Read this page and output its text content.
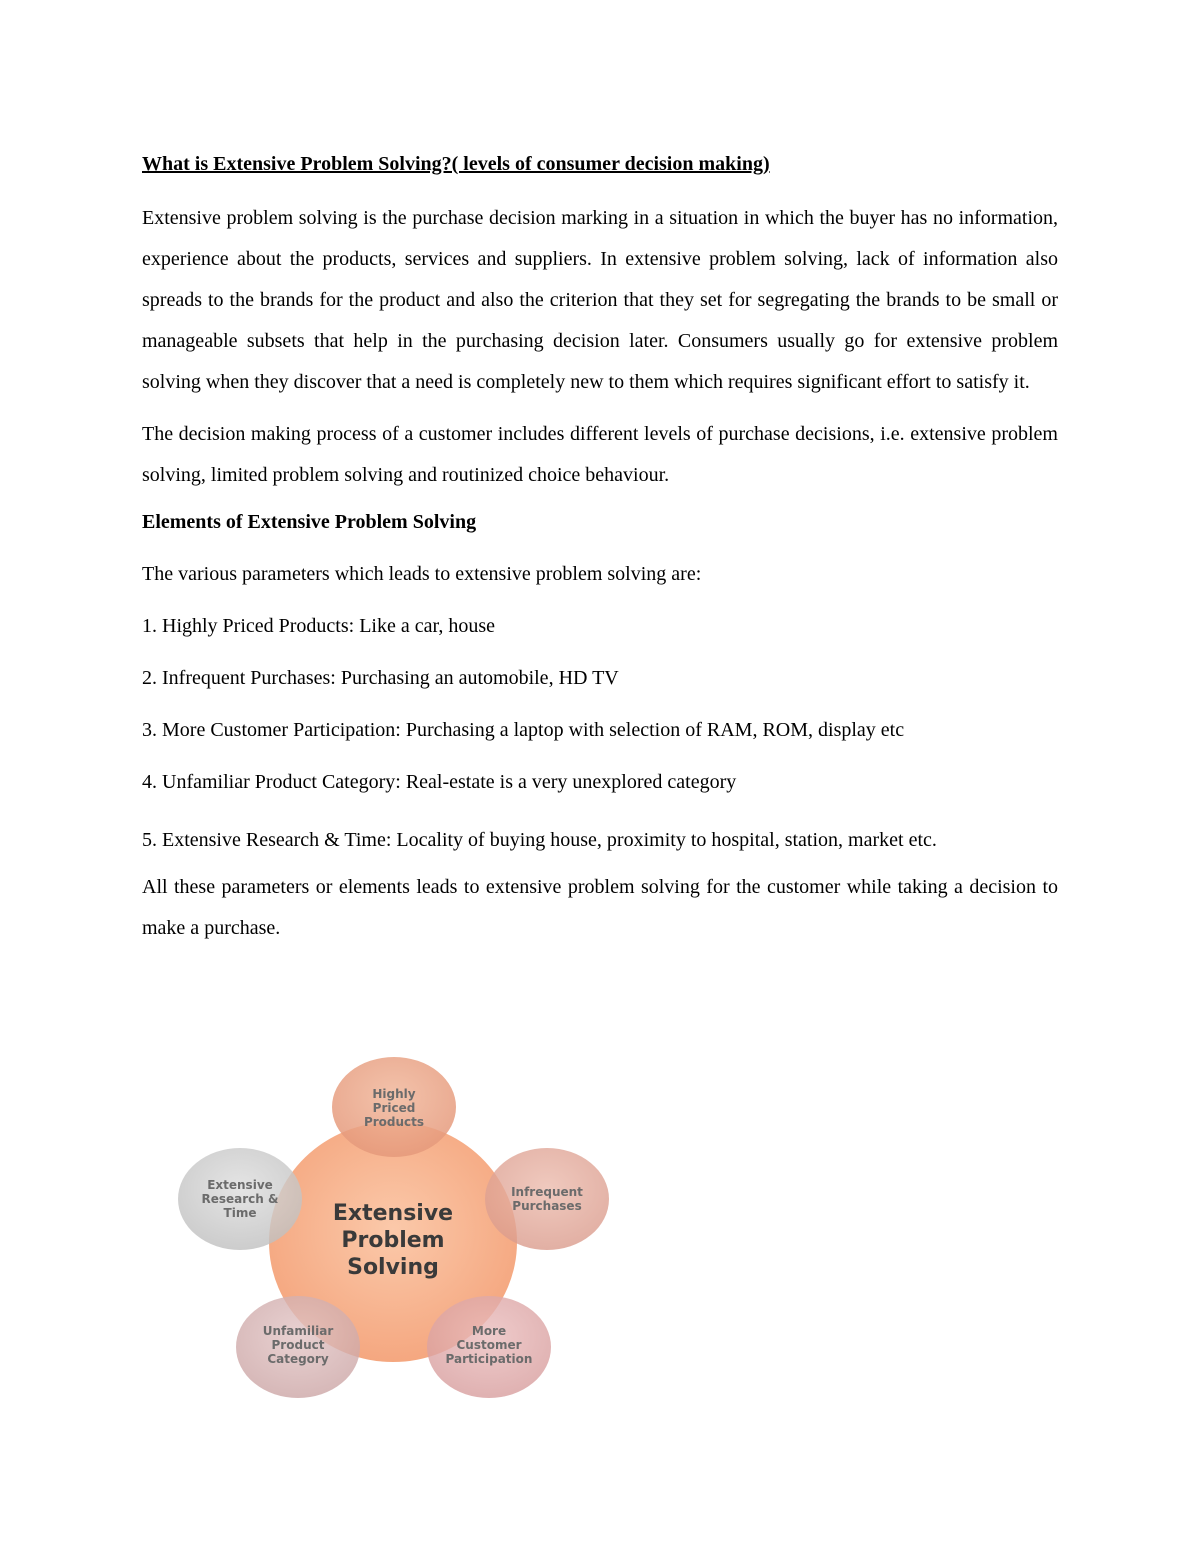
What is Extensive Problem Solving?( levels of consumer decision making)

Extensive problem solving is the purchase decision marking in a situation in which the buyer has no information, experience about the products, services and suppliers. In extensive problem solving, lack of information also spreads to the brands for the product and also the criterion that they set for segregating the brands to be small or manageable subsets that help in the purchasing decision later. Consumers usually go for extensive problem solving when they discover that a need is completely new to them which requires significant effort to satisfy it.

The decision making process of a customer includes different levels of purchase decisions, i.e. extensive problem solving, limited problem solving and routinized choice behaviour.

Elements of Extensive Problem Solving

The various parameters which leads to extensive problem solving are:

1. Highly Priced Products: Like a car, house

2. Infrequent Purchases: Purchasing an automobile, HD TV

3. More Customer Participation: Purchasing a laptop with selection of RAM, ROM, display etc

4. Unfamiliar Product Category: Real-estate is a very unexplored category

5. Extensive Research & Time: Locality of buying house, proximity to hospital, station, market etc.

All these parameters or elements leads to extensive problem solving for the customer while taking a decision to make a purchase.

Extensive
Problem
Solving
Highly
Priced
Products
Infrequent
Purchases
More
Customer
Participation
Unfamiliar
Product
Category
Extensive
Research &
Time
